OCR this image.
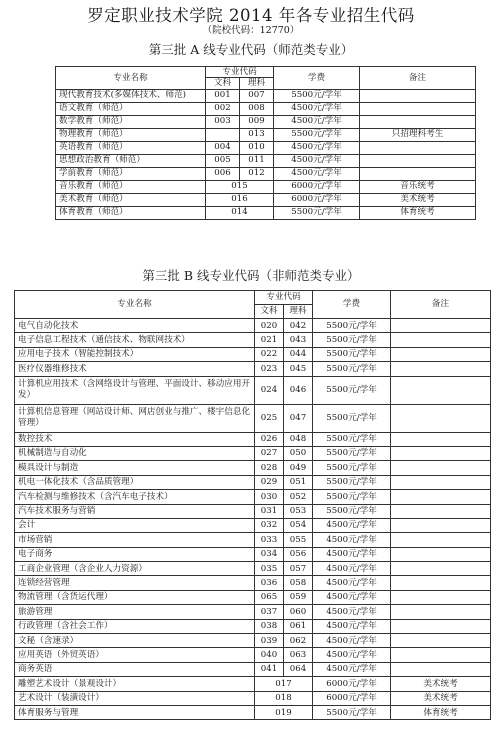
罗定职业技术学院 2014 年各专业招生代码
（院校代码：12770）
第三批 A 线专业代码（师范类专业）
专业名称	专业代码		学费	备注
	文科	理科		
现代教育技术(多媒体技术、师范)	001	007	5500元/学年	
语文教育（师范）	002	008	4500元/学年	
数学教育（师范）	003	009	4500元/学年	
物理教育（师范）		013	5500元/学年	只招理科考生
英语教育（师范）	004	010	4500元/学年	
思想政治教育（师范）	005	011	4500元/学年	
学前教育（师范）	006	012	4500元/学年	
音乐教育（师范）	015		6000元/学年	音乐统考
美术教育（师范）	016		6000元/学年	美术统考
体育教育（师范）	014		5500元/学年	体育统考
第三批 B 线专业代码（非师范类专业）
专业名称	专业代码		学费	备注
	文科	理科		
电气自动化技术	020	042	5500元/学年	
电子信息工程技术（通信技术、物联网技术）	021	043	5500元/学年	
应用电子技术（智能控制技术）	022	044	5500元/学年	
医疗仪器维修技术	023	045	5500元/学年	
计算机应用技术（含网络设计与管理、平面设计、移动应用开发）	024	046	5500元/学年	
计算机信息管理（网站设计师、网店创业与推广、楼宇信息化管理）	025	047	5500元/学年	
数控技术	026	048	5500元/学年	
机械制造与自动化	027	050	5500元/学年	
模具设计与制造	028	049	5500元/学年	
机电一体化技术（含品质管理）	029	051	5500元/学年	
汽车检测与维修技术（含汽车电子技术）	030	052	5500元/学年	
汽车技术服务与营销	031	053	5500元/学年	
会计	032	054	4500元/学年	
市场营销	033	055	4500元/学年	
电子商务	034	056	4500元/学年	
工商企业管理（含企业人力资源）	035	057	4500元/学年	
连锁经营管理	036	058	4500元/学年	
物流管理（含货运代理）	065	059	4500元/学年	
旅游管理	037	060	4500元/学年	
行政管理（含社会工作）	038	061	4500元/学年	
文秘（含速录）	039	062	4500元/学年	
应用英语（外贸英语）	040	063	4500元/学年	
商务英语	041	064	4500元/学年	
雕塑艺术设计（景观设计）	017		6000元/学年	美术统考
艺术设计（装潢设计）	018		6000元/学年	美术统考
体育服务与管理	019		5500元/学年	体育统考
